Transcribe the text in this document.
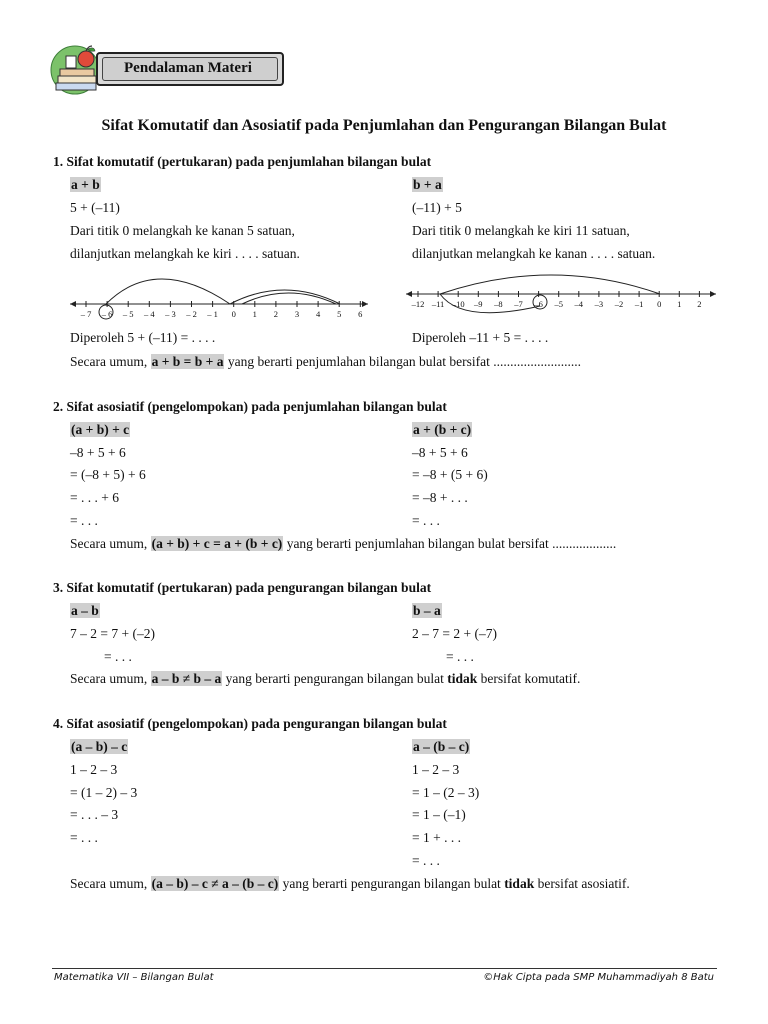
Pendalaman Materi
Sifat Komutatif dan Asosiatif pada Penjumlahan dan Pengurangan Bilangan Bulat
1. Sifat komutatif (pertukaran) pada penjumlahan bilangan bulat
a + b
5 + (–11)
Dari titik 0 melangkah ke kanan 5 satuan,
dilanjutkan melangkah ke kiri . . . . satuan.
b + a
(–11) + 5
Dari titik 0 melangkah ke kiri 11 satuan,
dilanjutkan melangkah ke kanan . . . . satuan.
– 7 – 6 – 5 – 4 – 3 – 2 – 1 0 1 2 3 4 5 6
–12 –11 –10 –9 –8 –7 –6 –5 –4 –3 –2 –1 0 1 2
Diperoleh 5 + (–11) = . . . .	Diperoleh –11 + 5 = . . . .
Secara umum, a + b = b + a yang berarti penjumlahan bilangan bulat bersifat ..........................
2. Sifat asosiatif (pengelompokan) pada penjumlahan bilangan bulat
(a + b) + c
–8 + 5 + 6
= (–8 + 5) + 6
= . . . + 6
= . . .
a + (b + c)
–8 + 5 + 6
= –8 + (5 + 6)
= –8 + . . .
= . . .
Secara umum, (a + b) + c = a + (b + c) yang berarti penjumlahan bilangan bulat bersifat ...................
3. Sifat komutatif (pertukaran) pada pengurangan bilangan bulat
a – b
7 – 2 = 7 + (–2)
= . . .
b – a
2 – 7 = 2 + (–7)
= . . .
Secara umum, a – b ≠ b – a yang berarti pengurangan bilangan bulat tidak bersifat komutatif.
4. Sifat asosiatif (pengelompokan) pada pengurangan bilangan bulat
(a – b) – c
1 – 2 – 3
= (1 – 2) – 3
= . . . – 3
= . . .
a – (b – c)
1 – 2 – 3
= 1 – (2 – 3)
= 1 – (–1)
= 1 + . . .
= . . .
Secara umum, (a – b) – c ≠ a – (b – c) yang berarti pengurangan bilangan bulat tidak bersifat asosiatif.
Matematika VII – Bilangan Bulat	©Hak Cipta pada SMP Muhammadiyah 8 Batu
